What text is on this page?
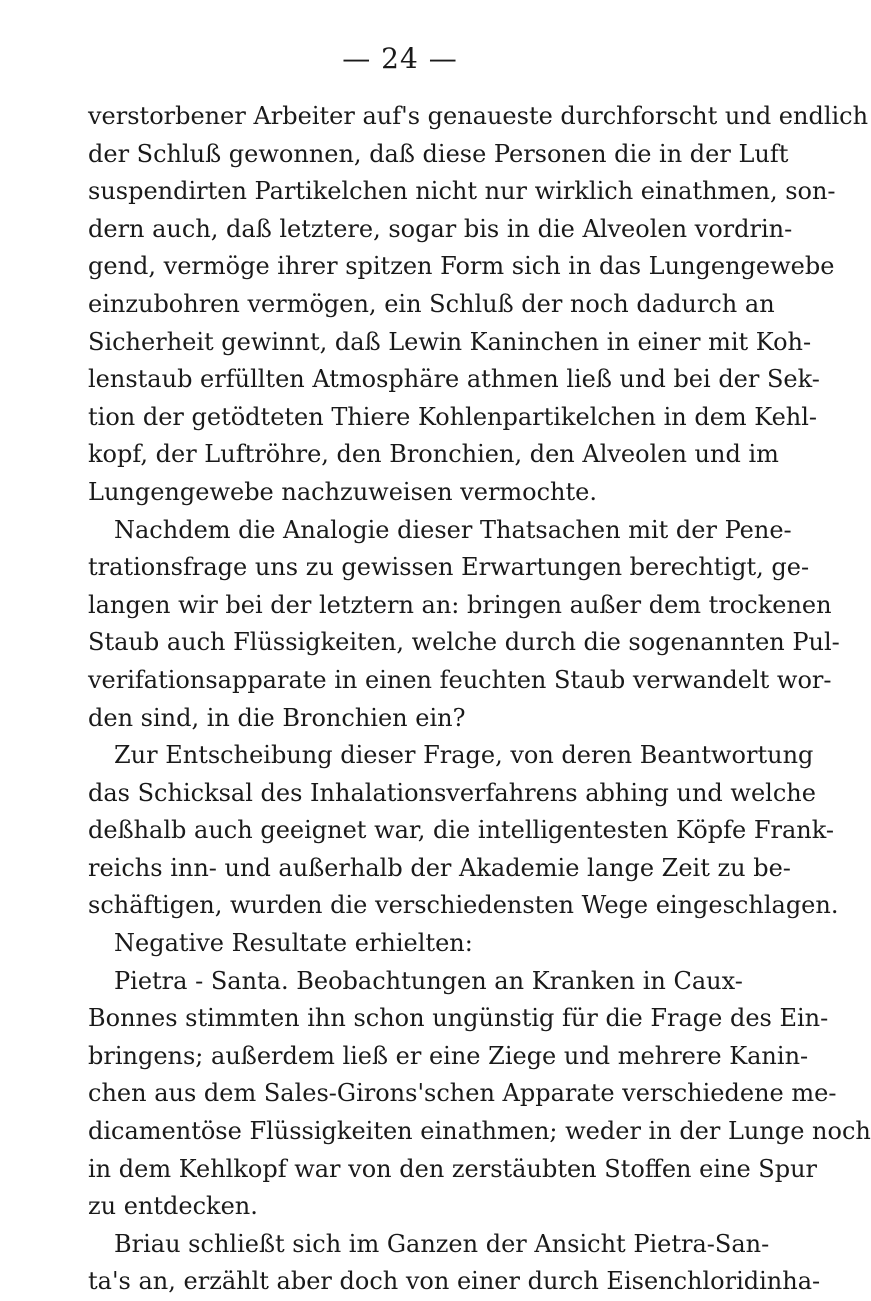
— 24 —
verstorbener Arbeiter auf's genaueste durchforscht und endlich
der Schluß gewonnen, daß diese Personen die in der Luft
suspendirten Partikelchen nicht nur wirklich einathmen, son-
dern auch, daß letztere, sogar bis in die Alveolen vordrin-
gend, vermöge ihrer spitzen Form sich in das Lungengewebe
einzubohren vermögen, ein Schluß der noch dadurch an
Sicherheit gewinnt, daß Lewin Kaninchen in einer mit Koh-
lenstaub erfüllten Atmosphäre athmen ließ und bei der Sek-
tion der getödteten Thiere Kohlenpartikelchen in dem Kehl-
kopf, der Luftröhre, den Bronchien, den Alveolen und im
Lungengewebe nachzuweisen vermochte.
Nachdem die Analogie dieser Thatsachen mit der Pene-
trationsfrage uns zu gewissen Erwartungen berechtigt, ge-
langen wir bei der letztern an: bringen außer dem trockenen
Staub auch Flüssigkeiten, welche durch die sogenannten Pul-
verifationsapparate in einen feuchten Staub verwandelt wor-
den sind, in die Bronchien ein?
Zur Entscheibung dieser Frage, von deren Beantwortung
das Schicksal des Inhalationsverfahrens abhing und welche
deßhalb auch geeignet war, die intelligentesten Köpfe Frank-
reichs inn- und außerhalb der Akademie lange Zeit zu be-
schäftigen, wurden die verschiedensten Wege eingeschlagen.
Negative Resultate erhielten:
Pietra - Santa. Beobachtungen an Kranken in Caux-
Bonnes stimmten ihn schon ungünstig für die Frage des Ein-
bringens; außerdem ließ er eine Ziege und mehrere Kanin-
chen aus dem Sales-Girons'schen Apparate verschiedene me-
dicamentöse Flüssigkeiten einathmen; weder in der Lunge noch
in dem Kehlkopf war von den zerstäubten Stoffen eine Spur
zu entdecken.
Briau schließt sich im Ganzen der Ansicht Pietra-San-
ta's an, erzählt aber doch von einer durch Eisenchloridinha-
